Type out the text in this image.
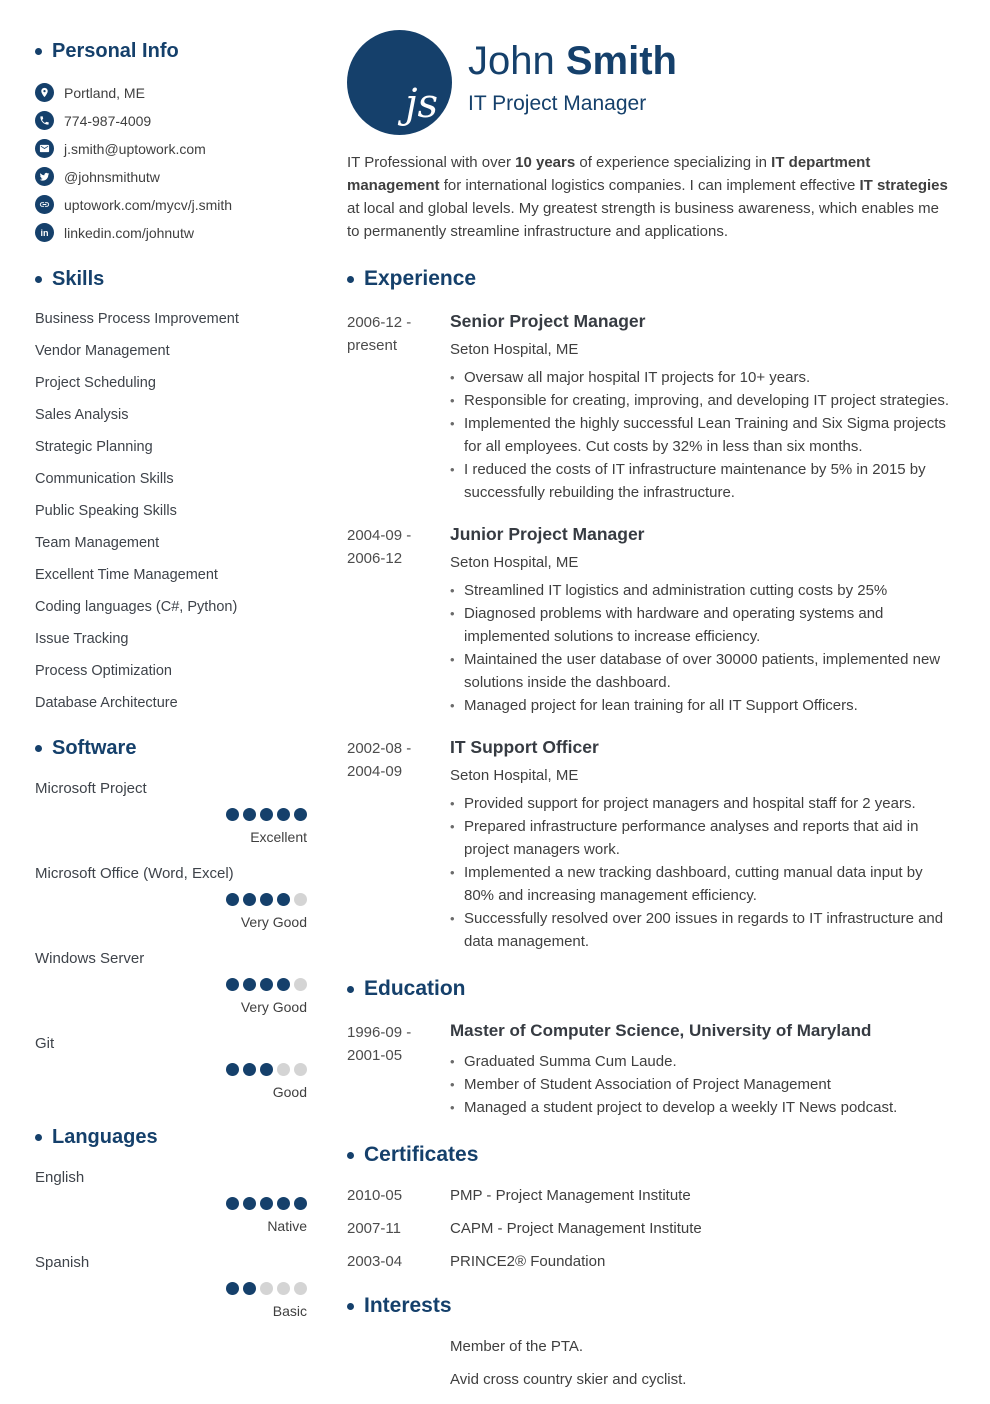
Personal Info
Portland, ME
774-987-4009
j.smith@uptowork.com
@johnsmithutw
uptowork.com/mycv/j.smith
in	linkedin.com/johnutw
Skills
Business Process Improvement
Vendor Management
Project Scheduling
Sales Analysis
Strategic Planning
Communication Skills
Public Speaking Skills
Team Management
Excellent Time Management
Coding languages (C#, Python)
Issue Tracking
Process Optimization
Database Architecture
Software
Microsoft Project
Excellent
Microsoft Office (Word, Excel)
Very Good
Windows Server
Very Good
Git
Good
Languages
English
Native
Spanish
Basic
js
John Smith
IT Project Manager

IT Professional with over 10 years of experience specializing in IT department management for international logistics companies. I can implement effective IT strategies at local and global levels. My greatest strength is business awareness, which enables me to permanently streamline infrastructure and applications.

Experience
2006-12 -
present
Senior Project Manager
Seton Hospital, ME
• Oversaw all major hospital IT projects for 10+ years.
• Responsible for creating, improving, and developing IT project strategies.
• Implemented the highly successful Lean Training and Six Sigma projects for all employees. Cut costs by 32% in less than six months.
• I reduced the costs of IT infrastructure maintenance by 5% in 2015 by successfully rebuilding the infrastructure.
2004-09 -
2006-12
Junior Project Manager
Seton Hospital, ME
• Streamlined IT logistics and administration cutting costs by 25%
• Diagnosed problems with hardware and operating systems and implemented solutions to increase efficiency.
• Maintained the user database of over 30000 patients, implemented new solutions inside the dashboard.
• Managed project for lean training for all IT Support Officers.
2002-08 -
2004-09
IT Support Officer
Seton Hospital, ME
• Provided support for project managers and hospital staff for 2 years.
• Prepared infrastructure performance analyses and reports that aid in project managers work.
• Implemented a new tracking dashboard, cutting manual data input by 80% and increasing management efficiency.
• Successfully resolved over 200 issues in regards to IT infrastructure and data management.
Education
1996-09 -
2001-05
Master of Computer Science, University of Maryland
• Graduated Summa Cum Laude.
• Member of Student Association of Project Management
• Managed a student project to develop a weekly IT News podcast.
Certificates
2010-05	PMP - Project Management Institute
2007-11	CAPM - Project Management Institute
2003-04	PRINCE2® Foundation
Interests
Member of the PTA.
Avid cross country skier and cyclist.
